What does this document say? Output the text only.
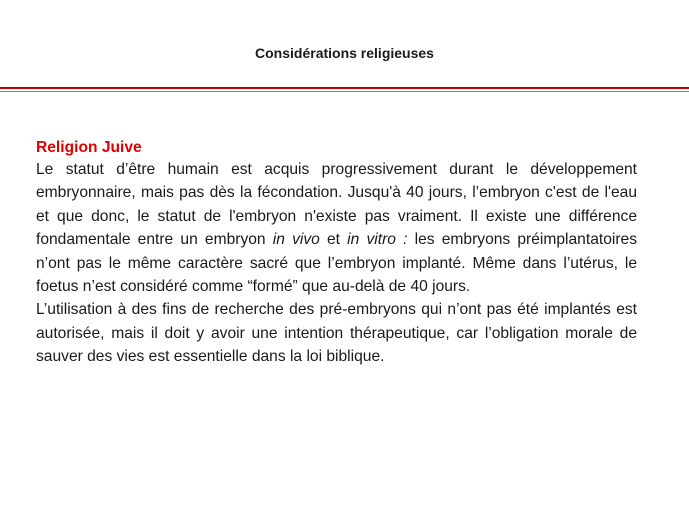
Considérations religieuses
Religion Juive

Le statut d’être humain est acquis progressivement durant le développement embryonnaire, mais pas dès la fécondation. Jusqu'à 40 jours, l’embryon c'est de l'eau et que donc, le statut de l'embryon n'existe pas vraiment. Il existe une différence fondamentale entre un embryon in vivo et in vitro : les embryons préimplantatoires n’ont pas le même caractère sacré que l’embryon implanté. Même dans l’utérus, le foetus n’est considéré comme “formé” que au-delà de 40 jours.

L’utilisation à des fins de recherche des pré-embryons qui n’ont pas été implantés est autorisée, mais il doit y avoir une intention thérapeutique, car l’obligation morale de sauver des vies est essentielle dans la loi biblique.
